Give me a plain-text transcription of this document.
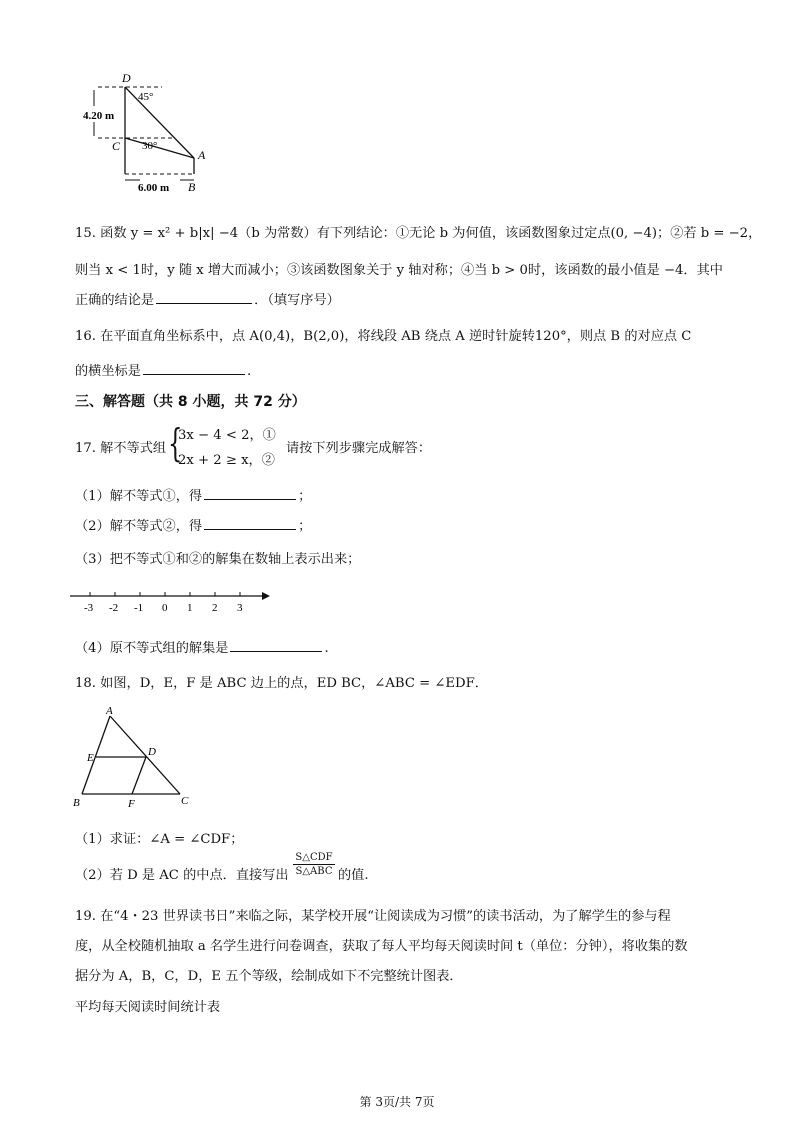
D
45°
4.20 m
C 30°
A
6.00 m B
15. 函数 y = x² + b|x| −4（b 为常数）有下列结论：①无论 b 为何值，该函数图象过定点(0, −4)；②若 b = −2，
则当 x < 1时，y 随 x 增大而减小；③该函数图象关于 y 轴对称；④当 b > 0时，该函数的最小值是 −4．其中
正确的结论是	．（填写序号）
16. 在平面直角坐标系中，点 A(0,4)，B(2,0)，将线段 AB 绕点 A 逆时针旋转120°，则点 B 的对应点 C
的横坐标是	.
三、解答题（共 8 小题，共 72 分）
17. 解不等式组 {
3x − 4 < 2，①
2x + 2 ≥ x，②
请按下列步骤完成解答：
（1）解不等式①，得	；
（2）解不等式②，得	；
（3）把不等式①和②的解集在数轴上表示出来；
-3 -2 -1 0 1 2 3
（4）原不等式组的解集是	.
18. 如图，D，E，F 是 ABC 边上的点，ED BC，∠ABC = ∠EDF．
A
E	D
B	F	C
（1）求证：∠A = ∠CDF；
（2）若 D 是 AC 的中点．直接写出
S△CDF
S△ABC 的值.
19. 在“4・23 世界读书日”来临之际，某学校开展“让阅读成为习惯”的读书活动，为了解学生的参与程
度，从全校随机抽取 a 名学生进行问卷调查，获取了每人平均每天阅读时间 t（单位：分钟），将收集的数
据分为 A，B，C，D，E 五个等级，绘制成如下不完整统计图表．
平均每天阅读时间统计表
第 3页/共 7页
